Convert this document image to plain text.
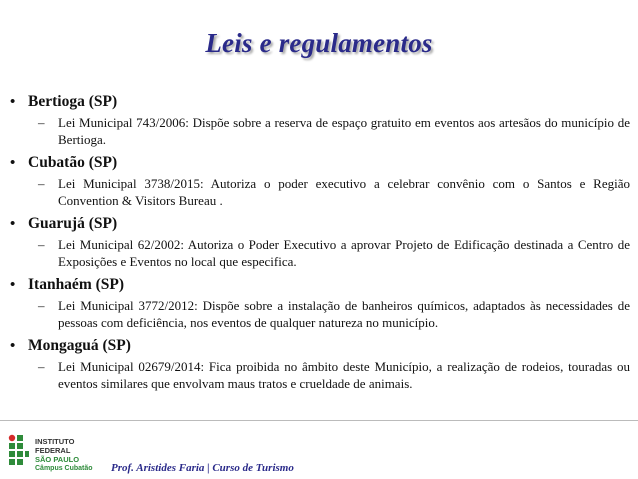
Leis e regulamentos
• Bertioga (SP)
–	Lei Municipal 743/2006: Dispõe sobre a reserva de espaço gratuito em eventos aos artesãos do município de Bertioga.
• Cubatão (SP)
–	Lei Municipal 3738/2015: Autoriza o poder executivo a celebrar convênio com o Santos e Região Convention & Visitors Bureau .
• Guarujá (SP)
–	Lei Municipal 62/2002: Autoriza o Poder Executivo a aprovar Projeto de Edificação destinada a Centro de Exposições e Eventos no local que especifica.
• Itanhaém (SP)
–	Lei Municipal 3772/2012: Dispõe sobre a instalação de banheiros químicos, adaptados às necessidades de pessoas com deficiência, nos eventos de qualquer natureza no município.
• Mongaguá (SP)
–	Lei Municipal 02679/2014: Fica proibida no âmbito deste Município, a realização de rodeios, touradas ou eventos similares que envolvam maus tratos e crueldade de animais.
INSTITUTO FEDERAL
SÃO PAULO
Câmpus Cubatão	Prof. Aristides Faria | Curso de Turismo
